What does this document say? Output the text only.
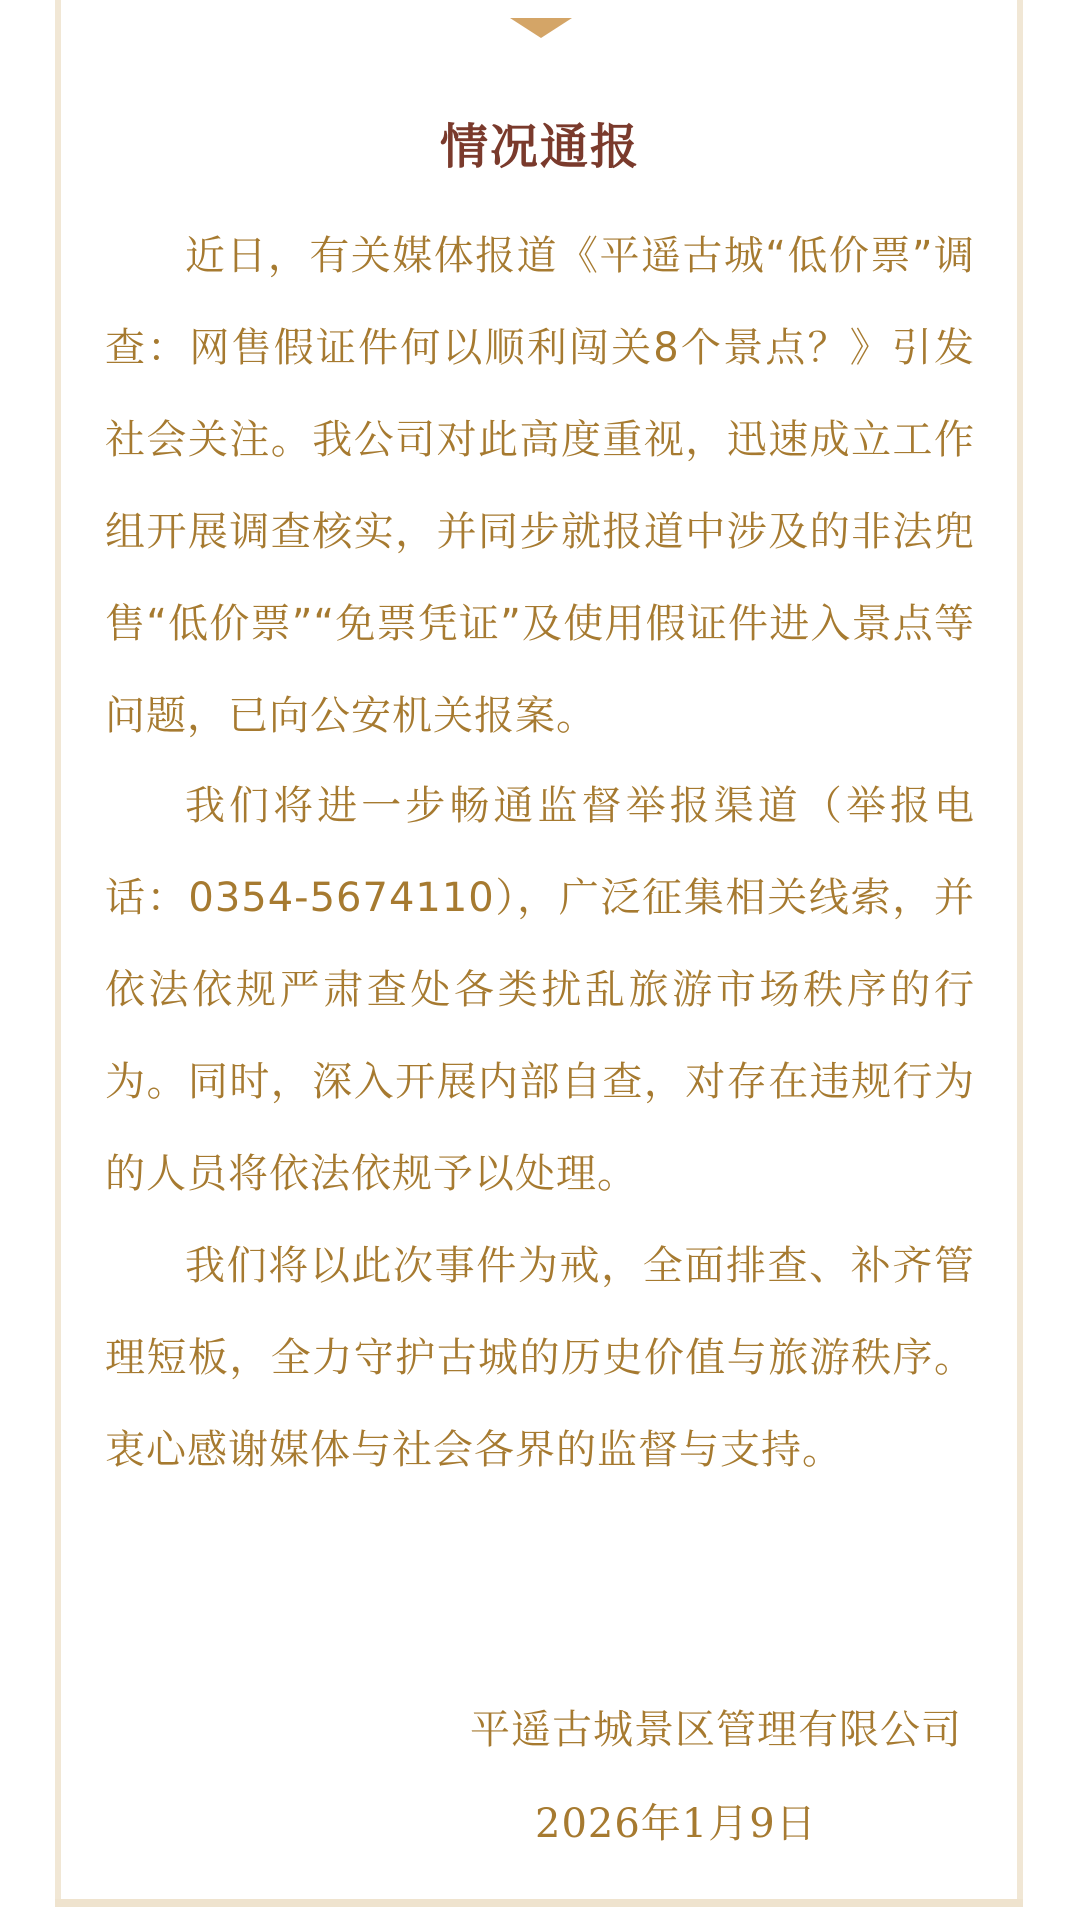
情况通报

近日，有关媒体报道《平遥古城“低价票”调查：网售假证件何以顺利闯关8个景点？》引发社会关注。我公司对此高度重视，迅速成立工作组开展调查核实，并同步就报道中涉及的非法兜售“低价票”“免票凭证”及使用假证件进入景点等问题，已向公安机关报案。

我们将进一步畅通监督举报渠道（举报电话：0354-5674110），广泛征集相关线索，并依法依规严肃查处各类扰乱旅游市场秩序的行为。同时，深入开展内部自查，对存在违规行为的人员将依法依规予以处理。

我们将以此次事件为戒，全面排查、补齐管理短板，全力守护古城的历史价值与旅游秩序。衷心感谢媒体与社会各界的监督与支持。

平遥古城景区管理有限公司
2026年1月9日
